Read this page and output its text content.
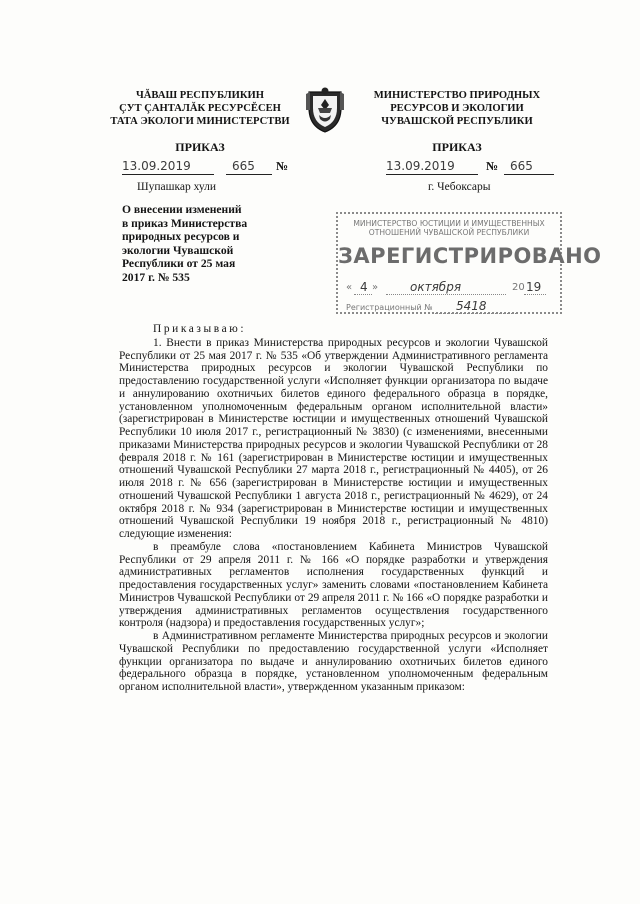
ЧĂВАШ РЕСПУБЛИКИН
ÇУТ ÇАНТАЛĂК РЕСУРСĔСЕН
ТАТА ЭКОЛОГИ МИНИСТЕРСТВИ
ПРИКАЗ
13.09.2019	665 №
Шупашкар хули
МИНИСТЕРСТВО ПРИРОДНЫХ
РЕСУРСОВ И ЭКОЛОГИИ
ЧУВАШСКОЙ РЕСПУБЛИКИ
ПРИКАЗ
13.09.2019	№ 665
г. Чебоксары
О внесении изменений
в приказ Министерства
природных ресурсов и
экологии Чувашской
Республики от 25 мая
2017 г. № 535
МИНИСТЕРСТВО ЮСТИЦИИ И ИМУЩЕСТВЕННЫХ
ОТНОШЕНИЙ ЧУВАШСКОЙ РЕСПУБЛИКИ
ЗАРЕГИСТРИРОВАНО
« 4 »	октября	20 19
Регистрационный № 5418
Приказываю:

1. Внести в приказ Министерства природных ресурсов и экологии Чувашской Республики от 25 мая 2017 г. № 535 «Об утверждении Административного регламента Министерства природных ресурсов и экологии Чувашской Республики по предоставлению государственной услуги «Исполняет функции организатора по выдаче и аннулированию охотничьих билетов единого федерального образца в порядке, установленном уполномоченным федеральным органом исполнительной власти» (зарегистрирован в Министерстве юстиции и имущественных отношений Чувашской Республики 10 июля 2017 г., регистрационный № 3830) (с изменениями, внесенными приказами Министерства природных ресурсов и экологии Чувашской Республики от 28 февраля 2018 г. № 161 (зарегистрирован в Министерстве юстиции и имущественных отношений Чувашской Республики 27 марта 2018 г., регистрационный № 4405), от 26 июля 2018 г. № 656 (зарегистрирован в Министерстве юстиции и имущественных отношений Чувашской Республики 1 августа 2018 г., регистрационный № 4629), от 24 октября 2018 г. № 934 (зарегистрирован в Министерстве юстиции и имущественных отношений Чувашской Республики 19 ноября 2018 г., регистрационный № 4810) следующие изменения:

в преамбуле слова «постановлением Кабинета Министров Чувашской Республики от 29 апреля 2011 г. № 166 «О порядке разработки и утверждения административных регламентов исполнения государственных функций и предоставления государственных услуг» заменить словами «постановлением Кабинета Министров Чувашской Республики от 29 апреля 2011 г. № 166 «О порядке разработки и утверждения административных регламентов осуществления государственного контроля (надзора) и предоставления государственных услуг»;

в Административном регламенте Министерства природных ресурсов и экологии Чувашской Республики по предоставлению государственной услуги «Исполняет функции организатора по выдаче и аннулированию охотничьих билетов единого федерального образца в порядке, установленном уполномоченным федеральным органом исполнительной власти», утвержденном указанным приказом:
